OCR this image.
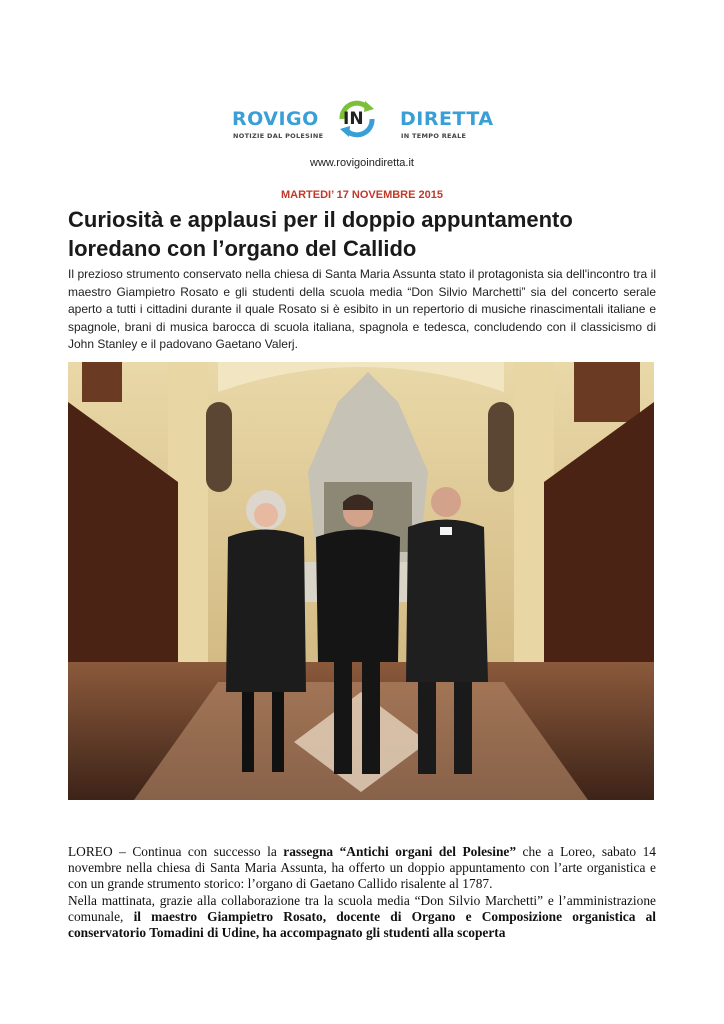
ROVIGO IN DIRETTA
NOTIZIE DAL POLESINE	IN TEMPO REALE
www.rovigoindiretta.it
MARTEDI’ 17 NOVEMBRE 2015
Curiosità e applausi per il doppio appuntamento loredano con l’organo del Callido
Il prezioso strumento conservato nella chiesa di Santa Maria Assunta stato il protagonista sia dell'incontro tra il maestro Giampietro Rosato e gli studenti della scuola media “Don Silvio Marchetti” sia del concerto serale aperto a tutti i cittadini durante il quale Rosato si è esibito in un repertorio di musiche rinascimentali italiane e spagnole, brani di musica barocca di scuola italiana, spagnola e tedesca, concludendo con il classicismo di John Stanley e il padovano Gaetano Valerj.

LOREO – Continua con successo la rassegna “Antichi organi del Polesine” che a Loreo, sabato 14 novembre nella chiesa di Santa Maria Assunta, ha offerto un doppio appuntamento con l’arte organistica e con un grande strumento storico: l’organo di Gaetano Callido risalente al 1787.

Nella mattinata, grazie alla collaborazione tra la scuola media “Don Silvio Marchetti” e l’amministrazione comunale, il maestro Giampietro Rosato, docente di Organo e Composizione organistica al conservatorio Tomadini di Udine, ha accompagnato gli studenti alla scoperta
